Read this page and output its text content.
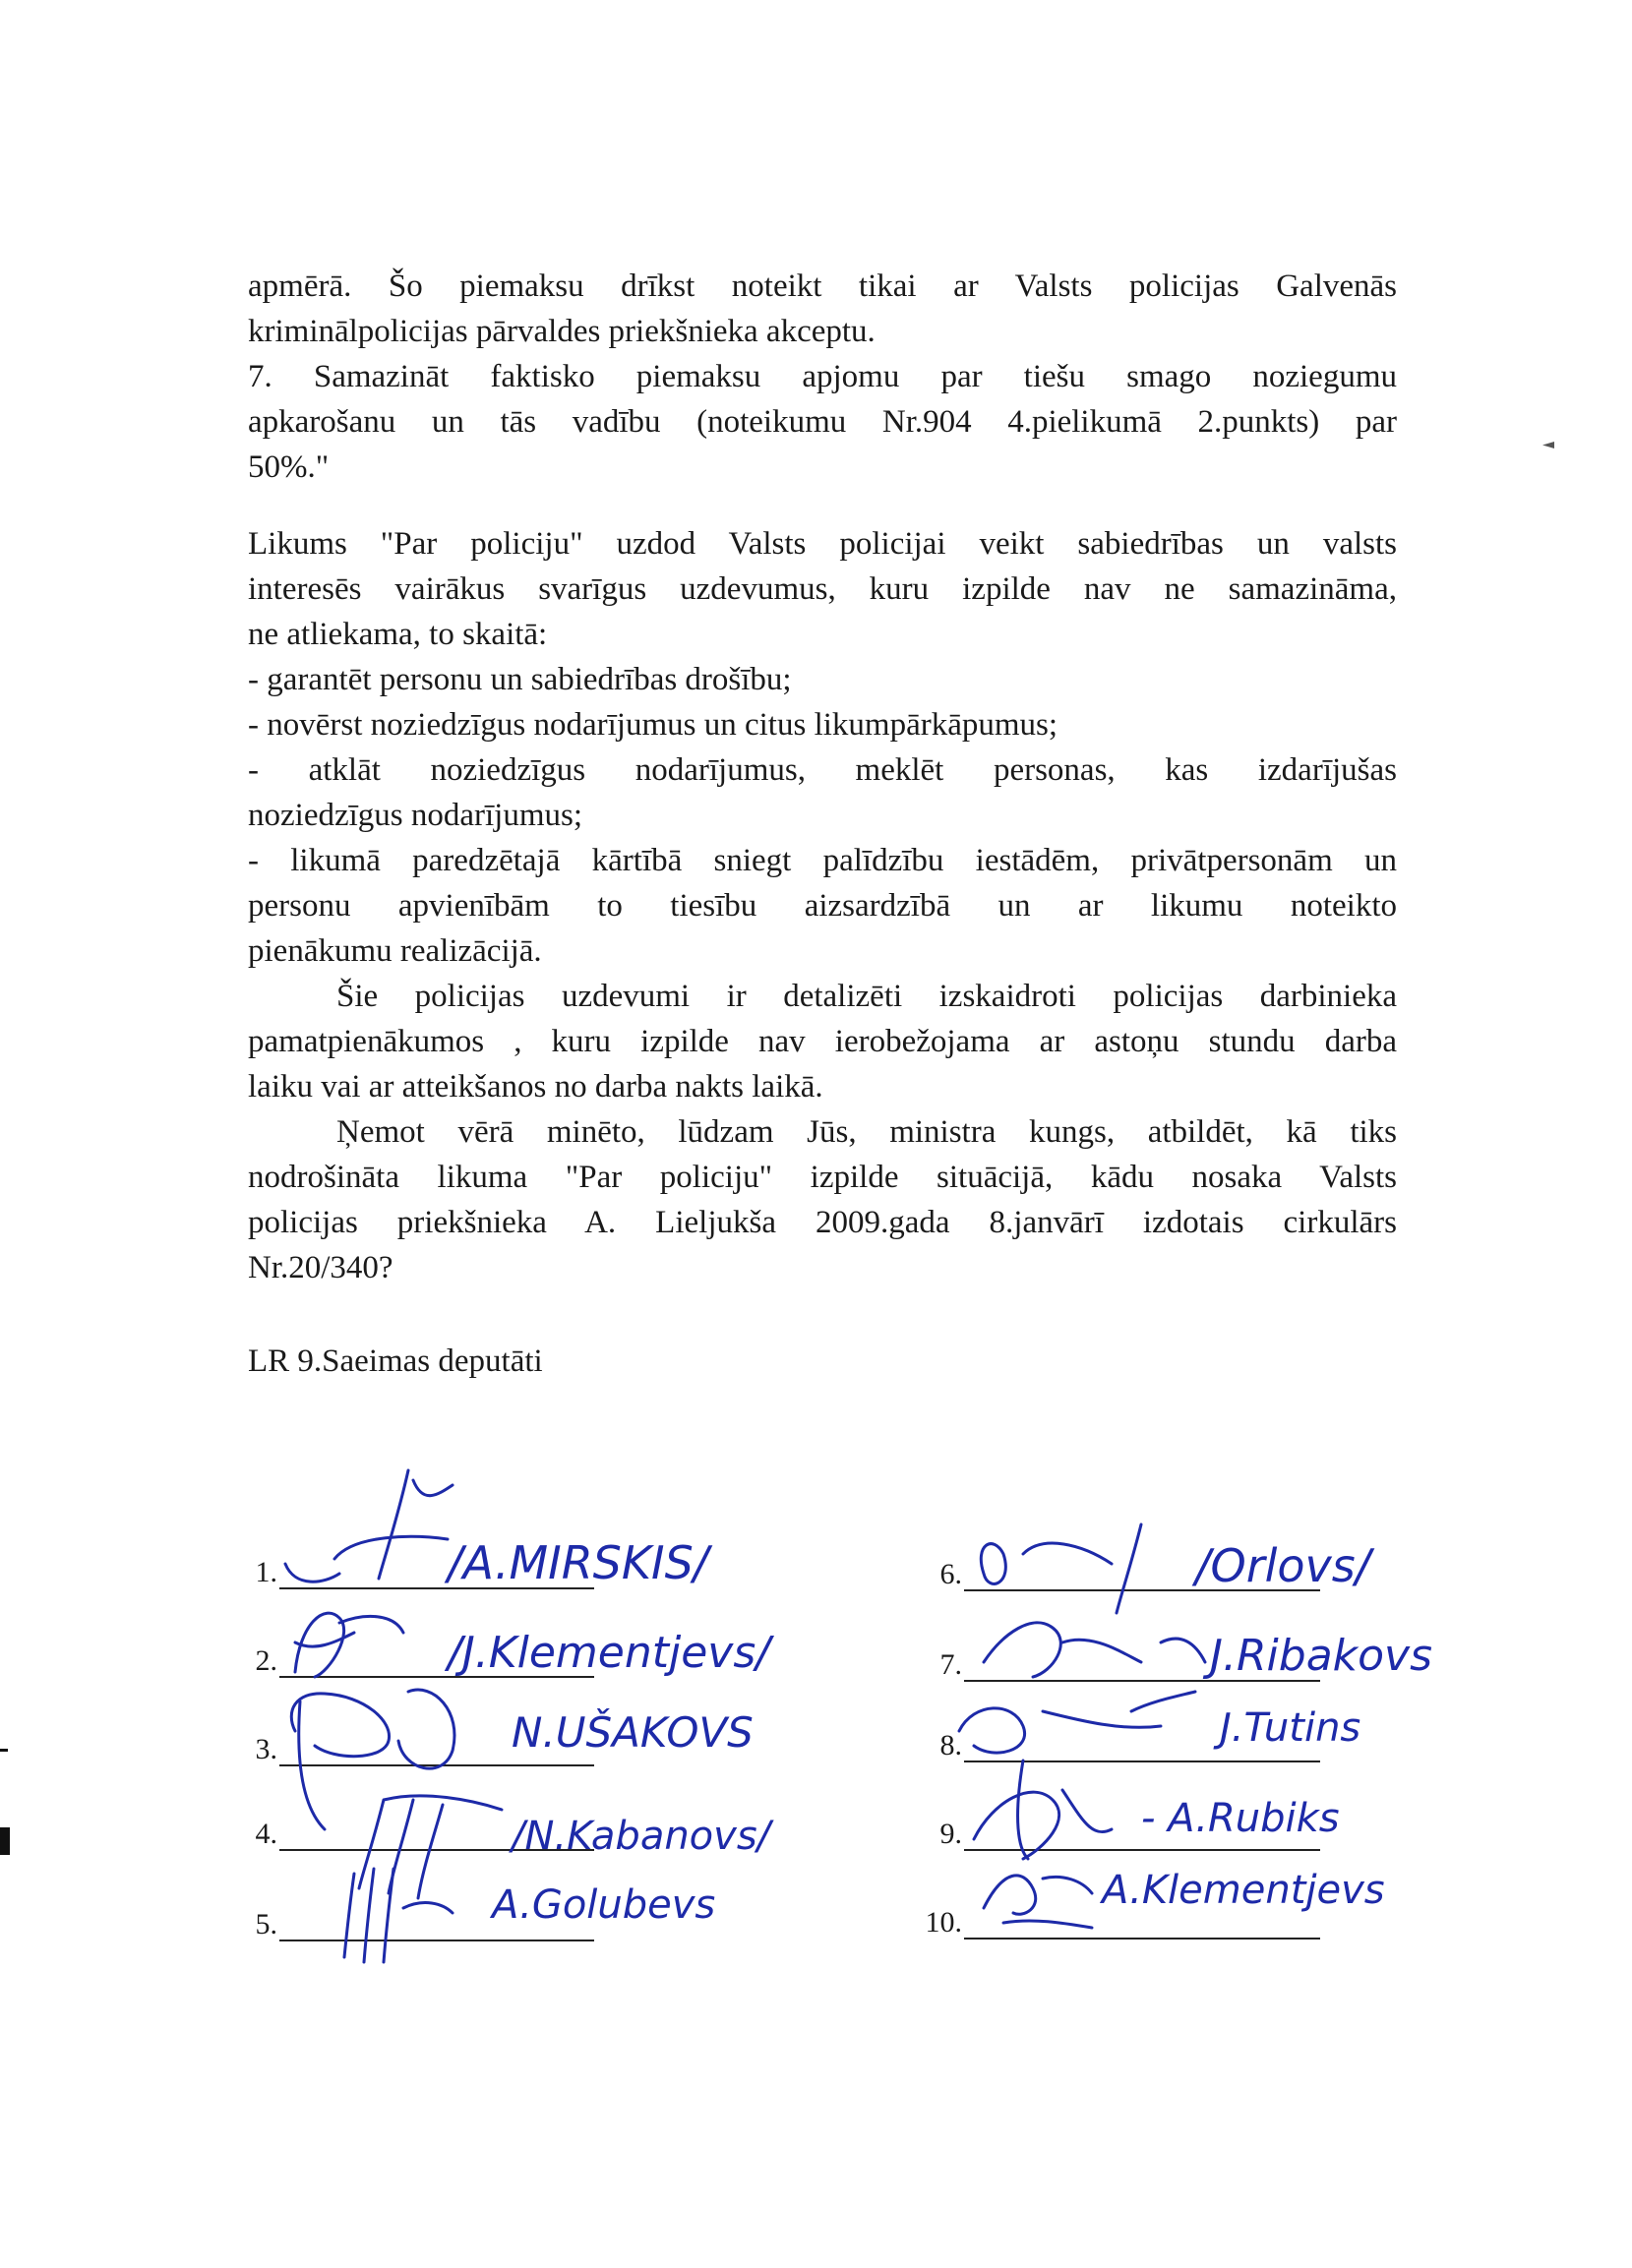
apmērā. Šo piemaksu drīkst noteikt tikai ar Valsts policijas Galvenās

kriminālpolicijas pārvaldes priekšnieka akceptu.

7. Samazināt faktisko piemaksu apjomu par tiešu smago noziegumu

apkarošanu un tās vadību (noteikumu Nr.904 4.pielikumā 2.punkts) par

50%."

Likums "Par policiju" uzdod Valsts policijai veikt sabiedrības un valsts

interesēs vairākus svarīgus uzdevumus, kuru izpilde nav ne samazināma,

ne atliekama, to skaitā:

- garantēt personu un sabiedrības drošību;

- novērst noziedzīgus nodarījumus un citus likumpārkāpumus;

- atklāt noziedzīgus nodarījumus, meklēt personas, kas izdarījušas

noziedzīgus nodarījumus;

- likumā paredzētajā kārtībā sniegt palīdzību iestādēm, privātpersonām un

personu apvienībām to tiesību aizsardzībā un ar likumu noteikto

pienākumu realizācijā.

Šie policijas uzdevumi ir detalizēti izskaidroti policijas darbinieka

pamatpienākumos , kuru izpilde nav ierobežojama ar astoņu stundu darba

laiku vai ar atteikšanos no darba nakts laikā.

Ņemot vērā minēto, lūdzam Jūs, ministra kungs, atbildēt, kā tiks

nodrošināta likuma "Par policiju" izpilde situācijā, kādu nosaka Valsts

policijas priekšnieka A. Lieljukša 2009.gada 8.janvārī izdotais cirkulārs

Nr.20/340?

LR 9.Saeimas deputāti
1.
2.
3.
4.
5.
6.
7.
8.
9.
10.
/A.MIRSKIS/
/J.Klementjevs/
N.UŠAKOVS
/N.Kabanovs/
A.Golubevs
/Orlovs/
J.Ribakovs
J.Tutins
- A.Rubiks
A.Klementjevs
